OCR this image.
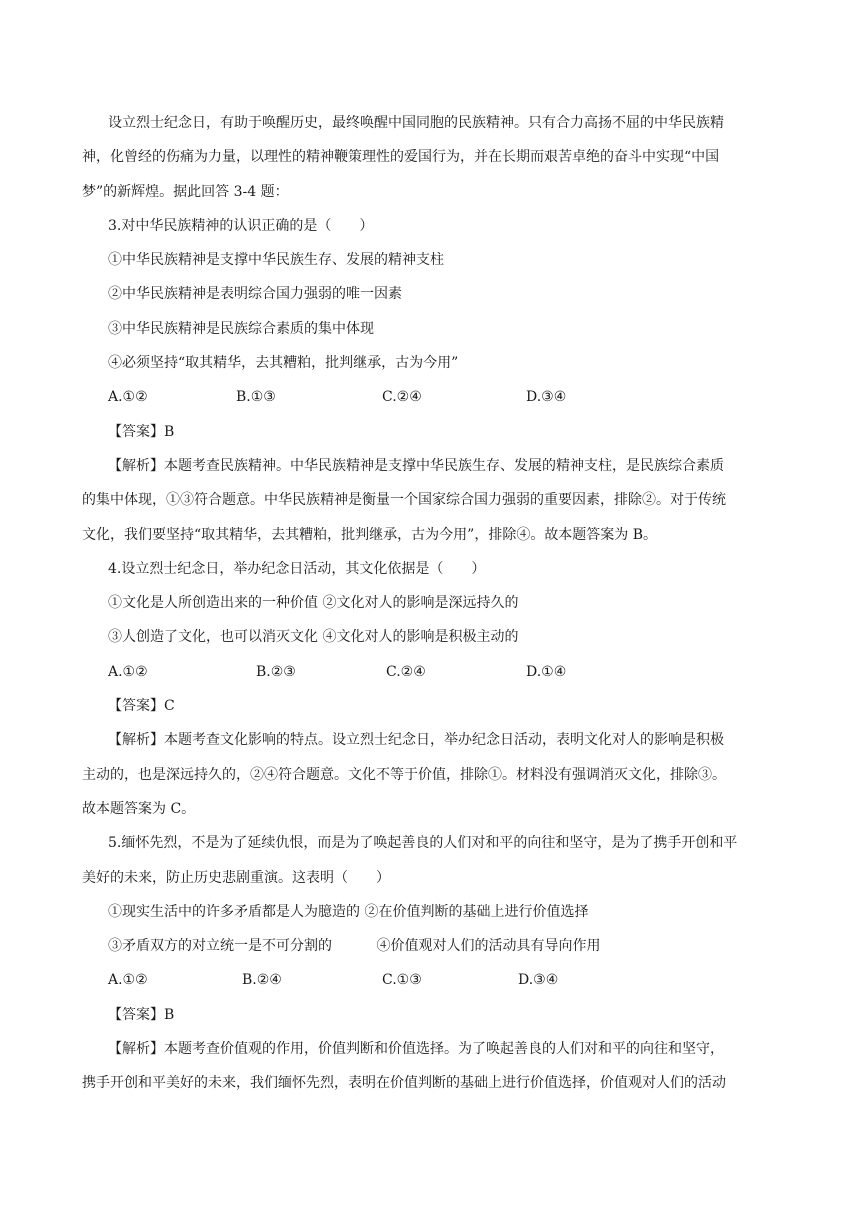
设立烈士纪念日，有助于唤醒历史，最终唤醒中国同胞的民族精神。只有合力高扬不屈的中华民族精
神，化曾经的伤痛为力量，以理性的精神鞭策理性的爱国行为，并在长期而艰苦卓绝的奋斗中实现“中国
梦”的新辉煌。据此回答 3-4 题：
3.对中华民族精神的认识正确的是（　　）
①中华民族精神是支撑中华民族生存、发展的精神支柱
②中华民族精神是表明综合国力强弱的唯一因素
③中华民族精神是民族综合素质的集中体现
④必须坚持“取其精华，去其糟粕，批判继承，古为今用”
A.①②	B.①③	C.②④	D.③④
【答案】B
【解析】本题考查民族精神。中华民族精神是支撑中华民族生存、发展的精神支柱，是民族综合素质
的集中体现，①③符合题意。中华民族精神是衡量一个国家综合国力强弱的重要因素，排除②。对于传统
文化，我们要坚持“取其精华，去其糟粕，批判继承，古为今用”，排除④。故本题答案为 B。
4.设立烈士纪念日，举办纪念日活动，其文化依据是（　　）
①文化是人所创造出来的一种价值 ②文化对人的影响是深远持久的
③人创造了文化，也可以消灭文化 ④文化对人的影响是积极主动的
A.①②	B.②③	C.②④	D.①④
【答案】C
【解析】本题考查文化影响的特点。设立烈士纪念日，举办纪念日活动，表明文化对人的影响是积极
主动的，也是深远持久的，②④符合题意。文化不等于价值，排除①。材料没有强调消灭文化，排除③。
故本题答案为 C。
5.缅怀先烈，不是为了延续仇恨，而是为了唤起善良的人们对和平的向往和坚守，是为了携手开创和平
美好的未来，防止历史悲剧重演。这表明（　　）
①现实生活中的许多矛盾都是人为臆造的 ②在价值判断的基础上进行价值选择
③矛盾双方的对立统一是不可分割的          ④价值观对人们的活动具有导向作用
A.①②	B.②④	C.①③	D.③④
【答案】B
【解析】本题考查价值观的作用，价值判断和价值选择。为了唤起善良的人们对和平的向往和坚守，
携手开创和平美好的未来，我们缅怀先烈，表明在价值判断的基础上进行价值选择，价值观对人们的活动
